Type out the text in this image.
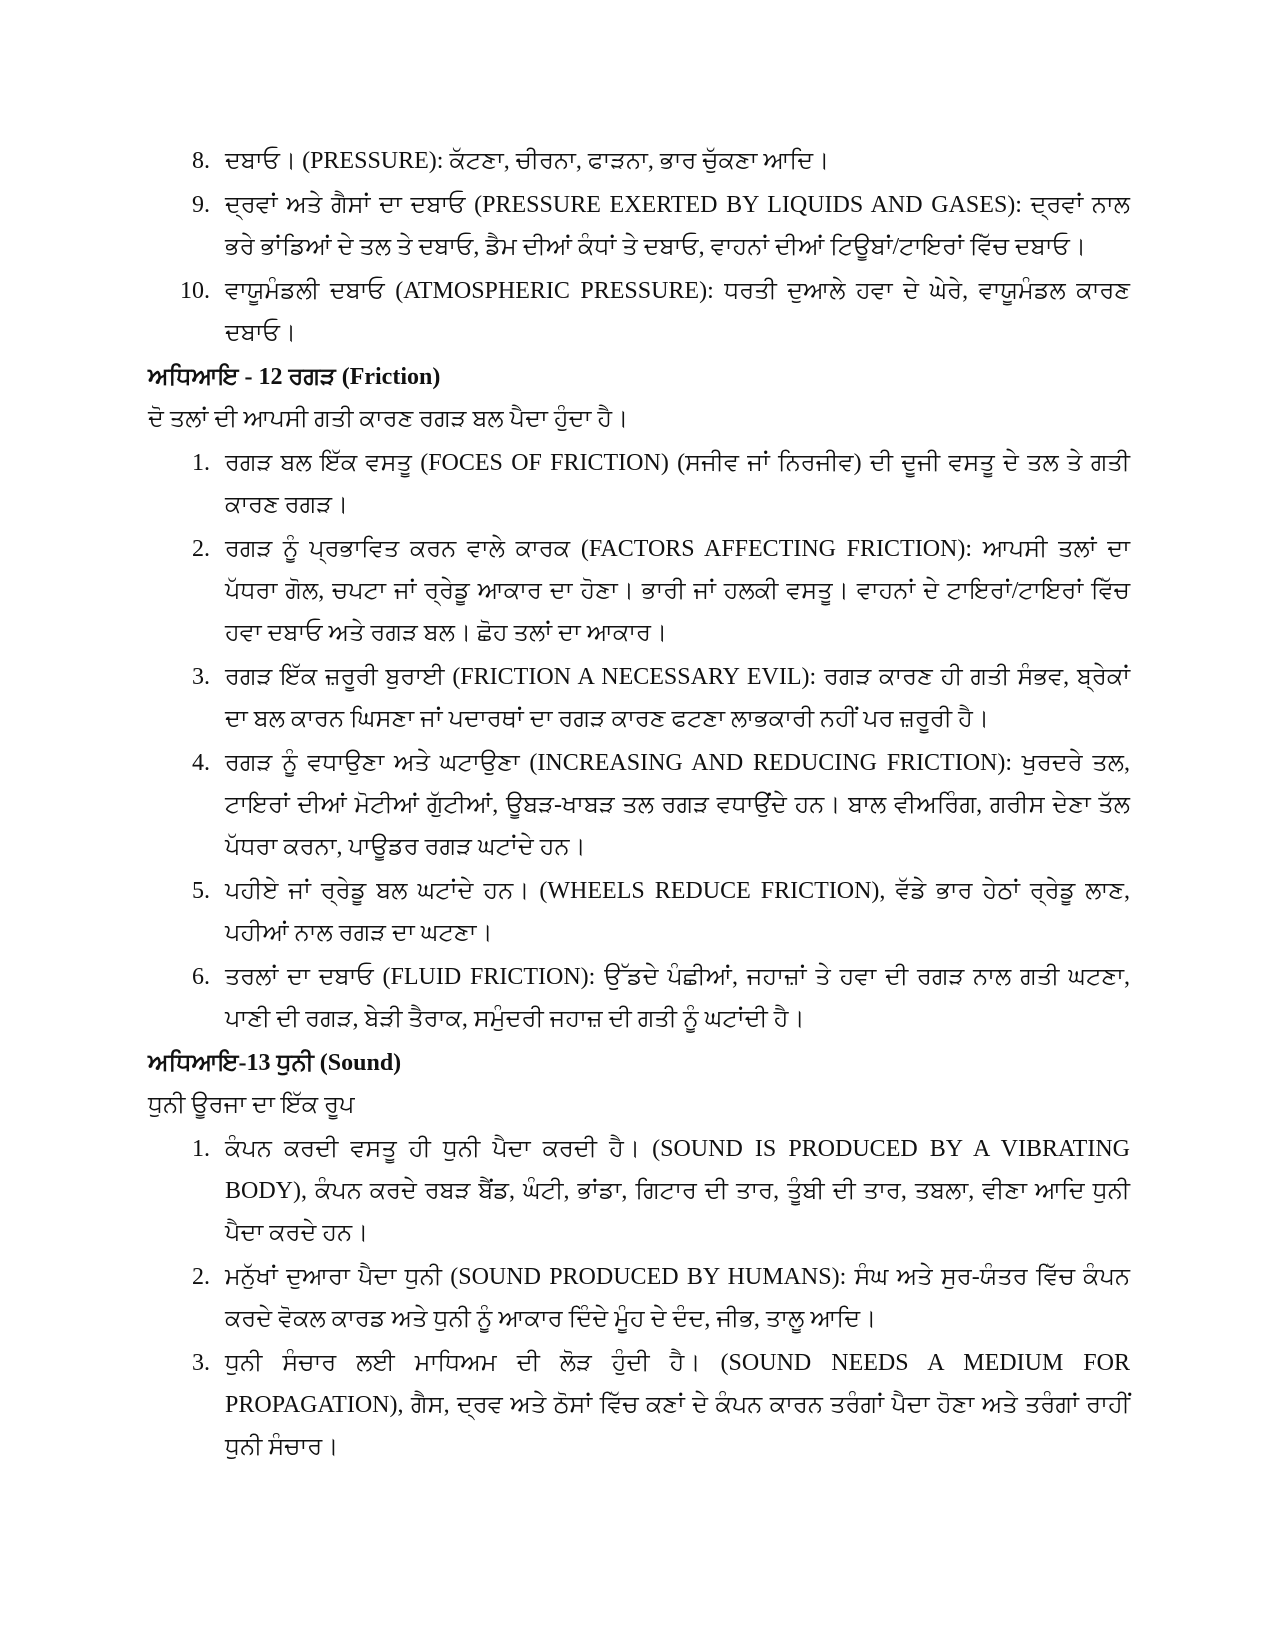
8. ਦਬਾਓ। (PRESSURE): ਕੱਟਣਾ, ਚੀਰਨਾ, ਫਾੜਨਾ, ਭਾਰ ਚੁੱਕਣਾ ਆਦਿ।
9. ਦ੍ਰਵਾਂ ਅਤੇ ਗੈਸਾਂ ਦਾ ਦਬਾਓ (PRESSURE EXERTED BY LIQUIDS AND GASES): ਦ੍ਰਵਾਂ ਨਾਲ ਭਰੇ ਭਾਂਡਿਆਂ ਦੇ ਤਲ ਤੇ ਦਬਾਓ, ਡੈਮ ਦੀਆਂ ਕੰਧਾਂ ਤੇ ਦਬਾਓ, ਵਾਹਨਾਂ ਦੀਆਂ ਟਿਊਬਾਂ/ਟਾਇਰਾਂ ਵਿੱਚ ਦਬਾਓ।
10. ਵਾਯੂਮੰਡਲੀ ਦਬਾਓ (ATMOSPHERIC PRESSURE): ਧਰਤੀ ਦੁਆਲੇ ਹਵਾ ਦੇ ਘੇਰੇ, ਵਾਯੂਮੰਡਲ ਕਾਰਣ ਦਬਾਓ।
ਅਧਿਆਇ - 12 ਰਗੜ (Friction)
ਦੋ ਤਲਾਂ ਦੀ ਆਪਸੀ ਗਤੀ ਕਾਰਣ ਰਗੜ ਬਲ ਪੈਦਾ ਹੁੰਦਾ ਹੈ।
1. ਰਗੜ ਬਲ ਇੱਕ ਵਸਤੂ (FOCES OF FRICTION) (ਸਜੀਵ ਜਾਂ ਨਿਰਜੀਵ) ਦੀ ਦੂਜੀ ਵਸਤੂ ਦੇ ਤਲ ਤੇ ਗਤੀ ਕਾਰਣ ਰਗੜ।
2. ਰਗੜ ਨੂੰ ਪ੍ਰਭਾਵਿਤ ਕਰਨ ਵਾਲੇ ਕਾਰਕ (FACTORS AFFECTING FRICTION): ਆਪਸੀ ਤਲਾਂ ਦਾ ਪੱਧਰਾ ਗੋਲ, ਚਪਟਾ ਜਾਂ ਰ੍ਰੇਡੂ ਆਕਾਰ ਦਾ ਹੋਣਾ। ਭਾਰੀ ਜਾਂ ਹਲਕੀ ਵਸਤੂ। ਵਾਹਨਾਂ ਦੇ ਟਾਇਰਾਂ/ਟਾਇਰਾਂ ਵਿੱਚ ਹਵਾ ਦਬਾਓ ਅਤੇ ਰਗੜ ਬਲ। ਛੋਹ ਤਲਾਂ ਦਾ ਆਕਾਰ।
3. ਰਗੜ ਇੱਕ ਜ਼ਰੂਰੀ ਬੁਰਾਈ (FRICTION A NECESSARY EVIL): ਰਗੜ ਕਾਰਣ ਹੀ ਗਤੀ ਸੰਭਵ, ਬ੍ਰੇਕਾਂ ਦਾ ਬਲ ਕਾਰਨ ਘਿਸਣਾ ਜਾਂ ਪਦਾਰਥਾਂ ਦਾ ਰਗੜ ਕਾਰਣ ਫਟਣਾ ਲਾਭਕਾਰੀ ਨਹੀਂ ਪਰ ਜ਼ਰੂਰੀ ਹੈ।
4. ਰਗੜ ਨੂੰ ਵਧਾਉਣਾ ਅਤੇ ਘਟਾਉਣਾ (INCREASING AND REDUCING FRICTION): ਖੁਰਦਰੇ ਤਲ, ਟਾਇਰਾਂ ਦੀਆਂ ਮੋਟੀਆਂ ਗੁੱਟੀਆਂ, ਊਬੜ-ਖਾਬੜ ਤਲ ਰਗੜ ਵਧਾਉਂਦੇ ਹਨ। ਬਾਲ ਵੀਅਰਿੰਗ, ਗਰੀਸ ਦੇਣਾ ਤੱਲ ਪੱਧਰਾ ਕਰਨਾ, ਪਾਊਡਰ ਰਗੜ ਘਟਾਂਦੇ ਹਨ।
5. ਪਹੀਏ ਜਾਂ ਰ੍ਰੇਡੂ ਬਲ ਘਟਾਂਦੇ ਹਨ। (WHEELS REDUCE FRICTION), ਵੱਡੇ ਭਾਰ ਹੇਠਾਂ ਰ੍ਰੇਡੂ ਲਾਣ, ਪਹੀਆਂ ਨਾਲ ਰਗੜ ਦਾ ਘਟਣਾ।
6. ਤਰਲਾਂ ਦਾ ਦਬਾਓ (FLUID FRICTION): ਉੱਡਦੇ ਪੰਛੀਆਂ, ਜਹਾਜ਼ਾਂ ਤੇ ਹਵਾ ਦੀ ਰਗੜ ਨਾਲ ਗਤੀ ਘਟਣਾ, ਪਾਣੀ ਦੀ ਰਗੜ, ਬੇੜੀ ਤੈਰਾਕ, ਸਮੁੰਦਰੀ ਜਹਾਜ਼ ਦੀ ਗਤੀ ਨੂੰ ਘਟਾਂਦੀ ਹੈ।
ਅਧਿਆਇ-13 ਧੁਨੀ (Sound)
ਧੁਨੀ ਊਰਜਾ ਦਾ ਇੱਕ ਰੂਪ
1. ਕੰਪਨ ਕਰਦੀ ਵਸਤੂ ਹੀ ਧੁਨੀ ਪੈਦਾ ਕਰਦੀ ਹੈ। (SOUND IS PRODUCED BY A VIBRATING BODY), ਕੰਪਨ ਕਰਦੇ ਰਬੜ ਬੈਂਡ, ਘੰਟੀ, ਭਾਂਡਾ, ਗਿਟਾਰ ਦੀ ਤਾਰ, ਤੂੰਬੀ ਦੀ ਤਾਰ, ਤਬਲਾ, ਵੀਣਾ ਆਦਿ ਧੁਨੀ ਪੈਦਾ ਕਰਦੇ ਹਨ।
2. ਮਨੁੱਖਾਂ ਦੁਆਰਾ ਪੈਦਾ ਧੁਨੀ (SOUND PRODUCED BY HUMANS): ਸੰਘ ਅਤੇ ਸੁਰ-ਯੰਤਰ ਵਿੱਚ ਕੰਪਨ ਕਰਦੇ ਵੋਕਲ ਕਾਰਡ ਅਤੇ ਧੁਨੀ ਨੂੰ ਆਕਾਰ ਦਿੰਦੇ ਮੂੰਹ ਦੇ ਦੰਦ, ਜੀਭ, ਤਾਲੂ ਆਦਿ।
3. ਧੁਨੀ ਸੰਚਾਰ ਲਈ ਮਾਧਿਅਮ ਦੀ ਲੋੜ ਹੁੰਦੀ ਹੈ। (SOUND NEEDS A MEDIUM FOR PROPAGATION), ਗੈਸ, ਦ੍ਰਵ ਅਤੇ ਠੋਸਾਂ ਵਿੱਚ ਕਣਾਂ ਦੇ ਕੰਪਨ ਕਾਰਨ ਤਰੰਗਾਂ ਪੈਦਾ ਹੋਣਾ ਅਤੇ ਤਰੰਗਾਂ ਰਾਹੀਂ ਧੁਨੀ ਸੰਚਾਰ।
